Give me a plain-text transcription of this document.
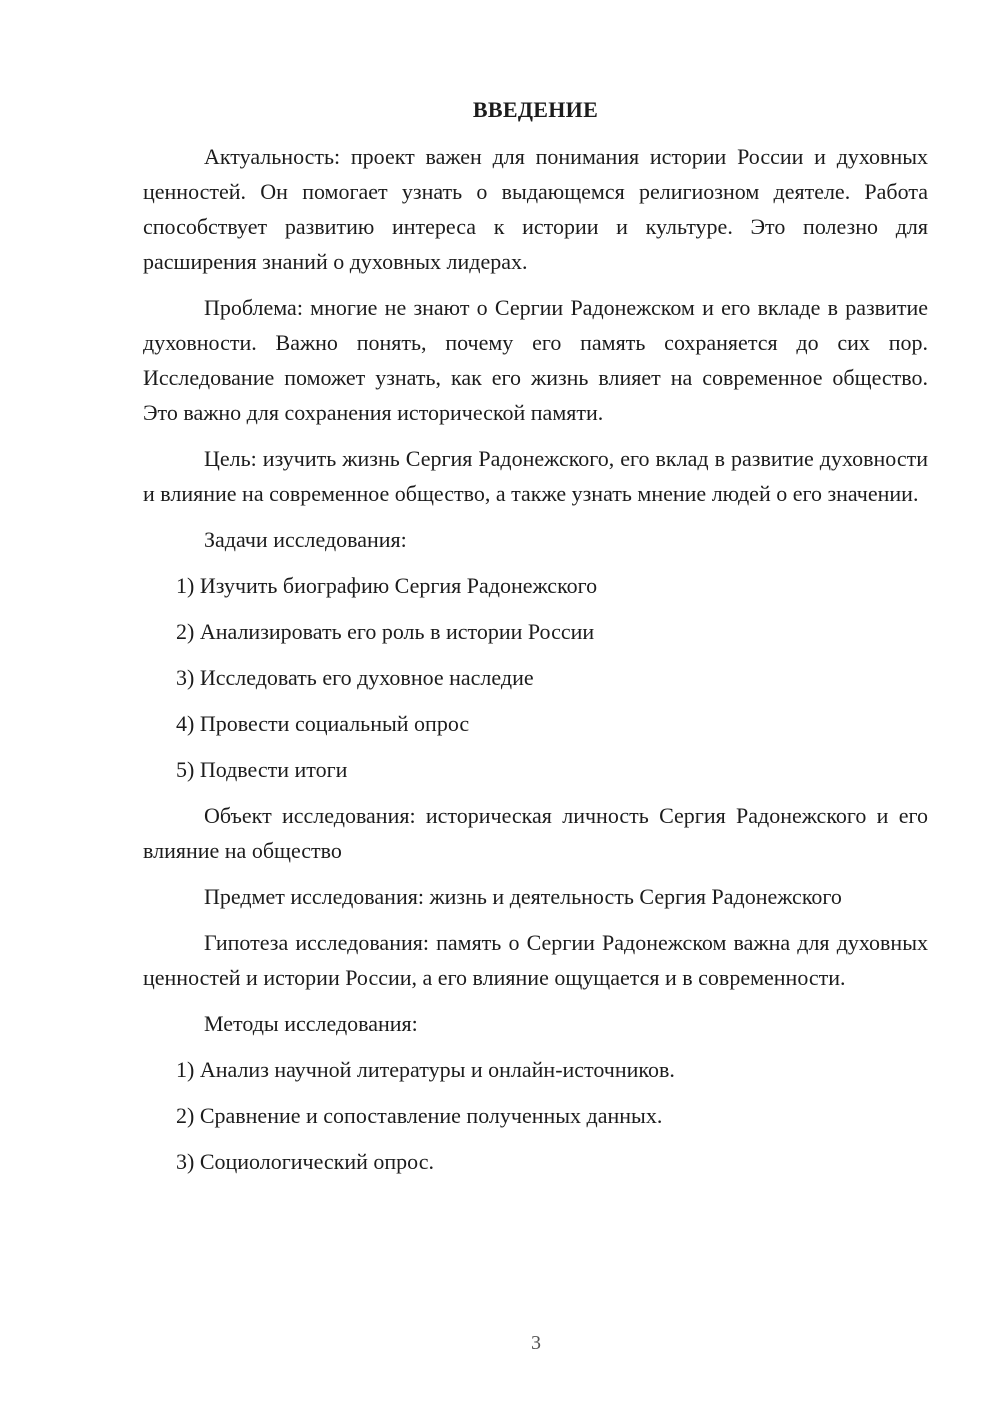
ВВЕДЕНИЕ

Актуальность: проект важен для понимания истории России и духовных ценностей. Он помогает узнать о выдающемся религиозном деятеле. Работа способствует развитию интереса к истории и культуре. Это полезно для расширения знаний о духовных лидерах.

Проблема: многие не знают о Сергии Радонежском и его вкладе в развитие духовности. Важно понять, почему его память сохраняется до сих пор. Исследование поможет узнать, как его жизнь влияет на современное общество. Это важно для сохранения исторической памяти.

Цель: изучить жизнь Сергия Радонежского, его вклад в развитие духовности и влияние на современное общество, а также узнать мнение людей о его значении.

Задачи исследования:

1) Изучить биографию Сергия Радонежского
2) Анализировать его роль в истории России
3) Исследовать его духовное наследие
4) Провести социальный опрос
5) Подвести итоги

Объект исследования: историческая личность Сергия Радонежского и его влияние на общество

Предмет исследования: жизнь и деятельность Сергия Радонежского

Гипотеза исследования: память о Сергии Радонежском важна для духовных ценностей и истории России, а его влияние ощущается и в современности.

Методы исследования:

1) Анализ научной литературы и онлайн-источников.
2) Сравнение и сопоставление полученных данных.
3) Социологический опрос.
3
